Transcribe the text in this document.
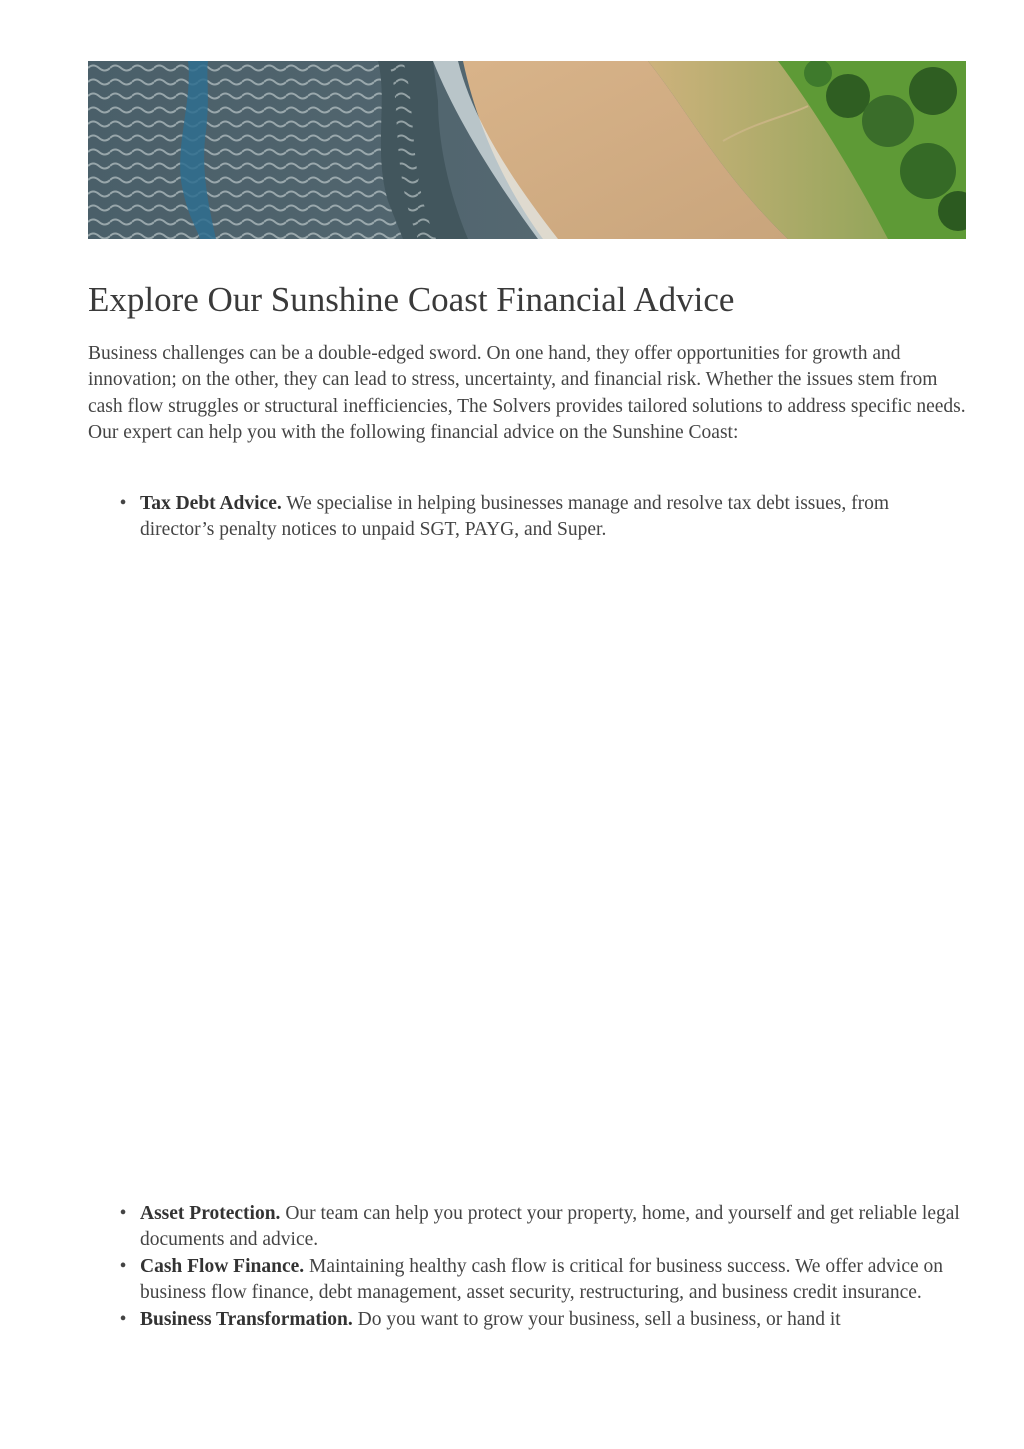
Explore Our Sunshine Coast Financial Advice

Business challenges can be a double-edged sword. On one hand, they offer opportunities for growth and innovation; on the other, they can lead to stress, uncertainty, and financial risk. Whether the issues stem from cash flow struggles or structural inefficiencies, The Solvers provides tailored solutions to address specific needs. Our expert can help you with the following financial advice on the Sunshine Coast:

• Tax Debt Advice. We specialise in helping businesses manage and resolve tax debt issues, from director’s penalty notices to unpaid SGT, PAYG, and Super.
• Asset Protection. Our team can help you protect your property, home, and yourself and get reliable legal documents and advice.
• Cash Flow Finance. Maintaining healthy cash flow is critical for business success. We offer advice on business flow finance, debt management, asset security, restructuring, and business credit insurance.
• Business Transformation. Do you want to grow your business, sell a business, or hand it
